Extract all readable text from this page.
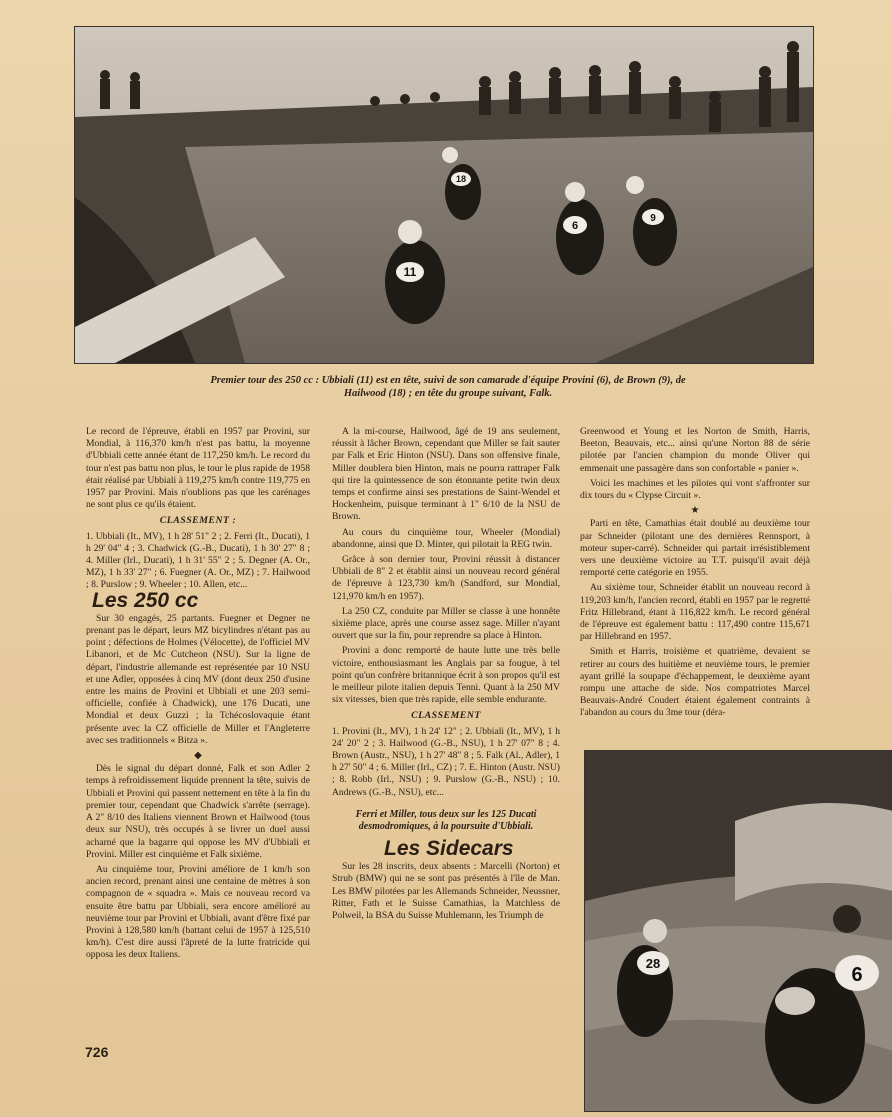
11
6
9
18
Premier tour des 250 cc : Ubbiali (11) est en tête, suivi de son camarade d'équipe Provini (6), de Brown (9), de Hailwood (18) ; en tête du groupe suivant, Falk.

Le record de l'épreuve, établi en 1957 par Provini, sur Mondial, à 116,370 km/h n'est pas battu, la moyenne d'Ubbiali cette année étant de 117,250 km/h. Le record du tour n'est pas battu non plus, le tour le plus rapide de 1958 était réalisé par Ubbiali à 119,275 km/h contre 119,775 en 1957 par Provini. Mais n'oublions pas que les carénages ne sont plus ce qu'ils étaient.

CLASSEMENT :

1. Ubbiali (It., MV), 1 h 28' 51" 2 ; 2. Ferri (It., Ducati), 1 h 29' 04" 4 ; 3. Chadwick (G.-B., Ducati), 1 h 30' 27" 8 ; 4. Miller (Irl., Ducati), 1 h 31' 55" 2 ; 5. Degner (A. Or., MZ), 1 h 33' 27" ; 6. Fuegner (A. Or., MZ) ; 7. Hailwood ; 8. Purslow ; 9. Wheeler ; 10. Allen, etc...

Les 250 cc

Sur 30 engagés, 25 partants. Fuegner et Degner ne prenant pas le départ, leurs MZ bicylindres n'étant pas au point ; défections de Holmes (Vélocette), de l'officiel MV Libanori, et de Mc Cutcheon (NSU). Sur la ligne de départ, l'industrie allemande est représentée par 10 NSU et une Adler, opposées à cinq MV (dont deux 250 d'usine entre les mains de Provini et Ubbiali et une 203 semi-officielle, confiée à Chadwick), une 176 Ducati, une Mondial et deux Guzzi ; la Tchécoslovaquie étant présente avec la CZ officielle de Miller et l'Angleterre avec ses traditionnels « Bitza ».

◆

Dès le signal du départ donné, Falk et son Adler 2 temps à refroidissement liquide prennent la tête, suivis de Ubbiali et Provini qui passent nettement en tête à la fin du premier tour, cependant que Chadwick s'arrête (serrage). A 2" 8/10 des Italiens viennent Brown et Hailwood (tous deux sur NSU), très occupés à se livrer un duel aussi acharné que la bagarre qui oppose les MV d'Ubbiali et Provini. Miller est cinquième et Falk sixième.

Au cinquième tour, Provini améliore de 1 km/h son ancien record, prenant ainsi une centaine de mètres à son compagnon de « squadra ». Mais ce nouveau record va ensuite être battu par Ubbiali, sera encore amélioré au neuvième tour par Provini et Ubbiali, avant d'être fixé par Provini à 128,580 km/h (battant celui de 1957 à 125,510 km/h). C'est dire aussi l'âpreté de la lutte fratricide qui opposa les deux Italiens.

A la mi-course, Hailwood, âgé de 19 ans seulement, réussit à lâcher Brown, cependant que Miller se fait sauter par Falk et Eric Hinton (NSU). Dans son offensive finale, Miller doublera bien Hinton, mais ne pourra rattraper Falk qui tire la quintessence de son étonnante petite twin deux temps et confirme ainsi ses prestations de Saint-Wendel et Hockenheim, puisque terminant à 1" 6/10 de la NSU de Brown.

Au cours du cinquième tour, Wheeler (Mondial) abandonne, ainsi que D. Minter, qui pilotait la REG twin.

Grâce à son dernier tour, Provini réussit à distancer Ubbiali de 8" 2 et établit ainsi un nouveau record général de l'épreuve à 123,730 km/h (Sandford, sur Mondial, 121,970 km/h en 1957).

La 250 CZ, conduite par Miller se classe à une honnête sixième place, après une course assez sage. Miller n'ayant ouvert que sur la fin, pour reprendre sa place à Hinton.

Provini a donc remporté de haute lutte une très belle victoire, enthousiasmant les Anglais par sa fougue, à tel point qu'un confrère britannique écrit à son propos qu'il est le meilleur pilote italien depuis Tenni. Quant à la 250 MV six vitesses, bien que très rapide, elle semble endurante.

CLASSEMENT

1. Provini (It., MV), 1 h 24' 12" ; 2. Ubbiali (It., MV), 1 h 24' 20" 2 ; 3. Hailwood (G.-B., NSU), 1 h 27' 07" 8 ; 4. Brown (Austr., NSU), 1 h 27' 48" 8 ; 5. Falk (Al., Adler), 1 h 27' 50" 4 ; 6. Miller (Irl., CZ) ; 7. E. Hinton (Austr. NSU) ; 8. Robb (Irl., NSU) ; 9. Purslow (G.-B., NSU) ; 10. Andrews (G.-B., NSU), etc...

Ferri et Miller, tous deux sur les 125 Ducati desmodromiques, à la poursuite d'Ubbiali.
Les Sidecars

Sur les 28 inscrits, deux absents : Marcelli (Norton) et Strub (BMW) qui ne se sont pas présentés à l'île de Man. Les BMW pilotées par les Allemands Schneider, Neussner, Ritter, Fath et le Suisse Camathias, la Matchless de Polweil, la BSA du Suisse Muhlemann, les Triumph de

Greenwood et Young et les Norton de Smith, Harris, Beeton, Beauvais, etc... ainsi qu'une Norton 88 de série pilotée par l'ancien champion du monde Oliver qui emmenait une passagère dans son confortable « panier ».

Voici les machines et les pilotes qui vont s'affronter sur dix tours du « Clypse Circuit ».

★

Parti en tête, Camathias était doublé au deuxième tour par Schneider (pilotant une des dernières Rennsport, à moteur super-carré). Schneider qui partait irrésistiblement vers une deuxième victoire au T.T. puisqu'il avait déjà remporté cette catégorie en 1955.

Au sixième tour, Schneider établit un nouveau record à 119,203 km/h, l'ancien record, établi en 1957 par le regretté Fritz Hillebrand, étant à 116,822 km/h. Le record général de l'épreuve est également battu : 117,490 contre 115,671 par Hillebrand en 1957.

Smith et Harris, troisième et quatrième, devaient se retirer au cours des huitième et neuvième tours, le premier ayant grillé la soupape d'échappement, le deuxième ayant rompu une attache de side. Nos compatriotes Marcel Beauvais-André Coudert étaient également contraints à l'abandon au cours du 3me tour (déra-

28
6
726
